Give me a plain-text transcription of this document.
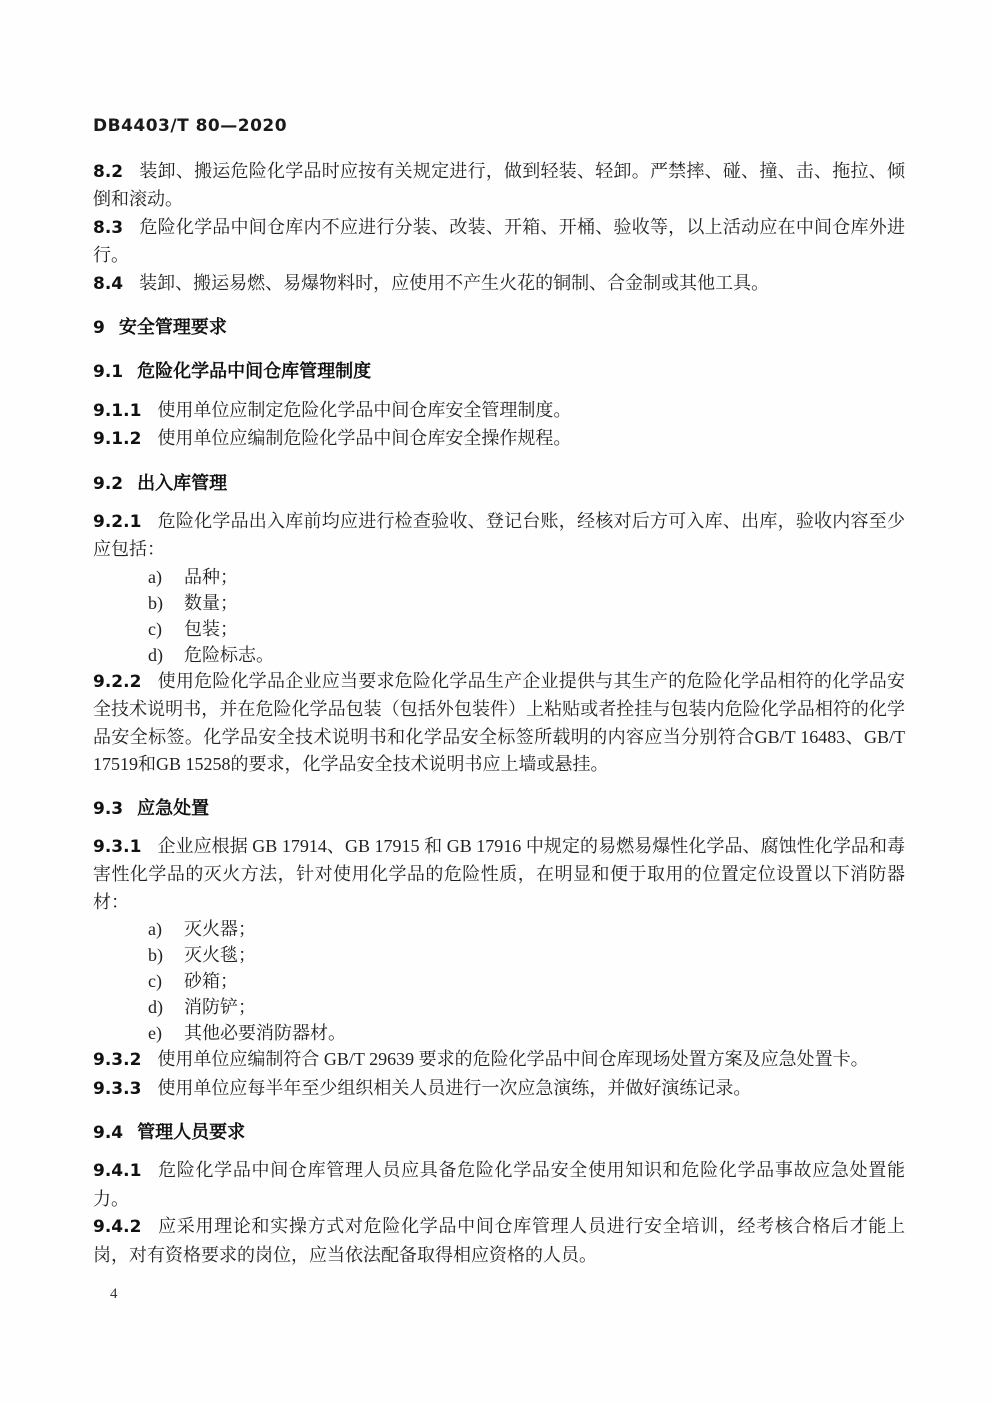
DB4403/T 80—2020

8.2 装卸、搬运危险化学品时应按有关规定进行，做到轻装、轻卸。严禁摔、碰、撞、击、拖拉、倾倒和滚动。

8.3 危险化学品中间仓库内不应进行分装、改装、开箱、开桶、验收等，以上活动应在中间仓库外进行。

8.4 装卸、搬运易燃、易爆物料时，应使用不产生火花的铜制、合金制或其他工具。

9 安全管理要求

9.1 危险化学品中间仓库管理制度

9.1.1 使用单位应制定危险化学品中间仓库安全管理制度。

9.1.2 使用单位应编制危险化学品中间仓库安全操作规程。

9.2 出入库管理

9.2.1 危险化学品出入库前均应进行检查验收、登记台账，经核对后方可入库、出库，验收内容至少应包括：

a) 品种；

b) 数量；

c) 包装；

d) 危险标志。

9.2.2 使用危险化学品企业应当要求危险化学品生产企业提供与其生产的危险化学品相符的化学品安全技术说明书，并在危险化学品包装（包括外包装件）上粘贴或者拴挂与包装内危险化学品相符的化学品安全标签。化学品安全技术说明书和化学品安全标签所载明的内容应当分别符合GB/T 16483、GB/T 17519和GB 15258的要求，化学品安全技术说明书应上墙或悬挂。

9.3 应急处置

9.3.1 企业应根据 GB 17914、GB 17915 和 GB 17916 中规定的易燃易爆性化学品、腐蚀性化学品和毒害性化学品的灭火方法，针对使用化学品的危险性质，在明显和便于取用的位置定位设置以下消防器材：

a) 灭火器；

b) 灭火毯；

c) 砂箱；

d) 消防铲；

e) 其他必要消防器材。

9.3.2 使用单位应编制符合 GB/T 29639 要求的危险化学品中间仓库现场处置方案及应急处置卡。

9.3.3 使用单位应每半年至少组织相关人员进行一次应急演练，并做好演练记录。

9.4 管理人员要求

9.4.1 危险化学品中间仓库管理人员应具备危险化学品安全使用知识和危险化学品事故应急处置能力。

9.4.2 应采用理论和实操方式对危险化学品中间仓库管理人员进行安全培训，经考核合格后才能上岗，对有资格要求的岗位，应当依法配备取得相应资格的人员。

4
